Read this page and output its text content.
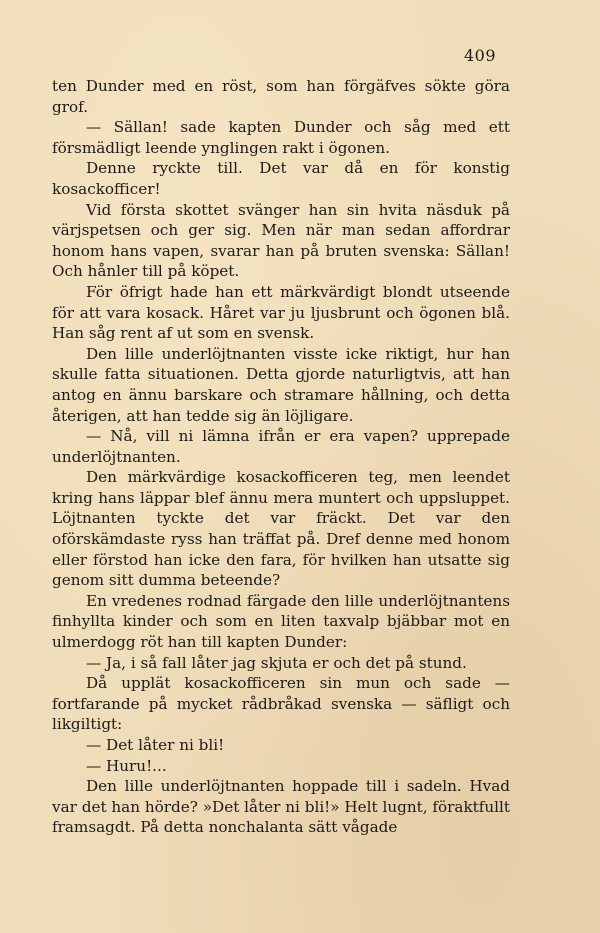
409

ten Dunder med en röst, som han förgäfves sökte göra grof.

— Sällan! sade kapten Dunder och såg med ett försmädligt leende ynglingen rakt i ögonen.

Denne ryckte till. Det var då en för konstig kosackofficer!

Vid första skottet svänger han sin hvita näsduk på värjspetsen och ger sig. Men när man sedan affordrar honom hans vapen, svarar han på bruten svenska: Sällan! Och hånler till på köpet.

För öfrigt hade han ett märkvärdigt blondt utseende för att vara kosack. Håret var ju ljusbrunt och ögonen blå. Han såg rent af ut som en svensk.

Den lille underlöjtnanten visste icke riktigt, hur han skulle fatta situationen. Detta gjorde naturligtvis, att han antog en ännu barskare och stramare hållning, och detta återigen, att han tedde sig än löjligare.

— Nå, vill ni lämna ifrån er era vapen? upprepade underlöjtnanten.

Den märkvärdige kosackofficeren teg, men leendet kring hans läppar blef ännu mera muntert och uppsluppet. Löjtnanten tyckte det var fräckt. Det var den oförskämdaste ryss han träffat på. Dref denne med honom eller förstod han icke den fara, för hvilken han utsatte sig genom sitt dumma beteende?

En vredenes rodnad färgade den lille underlöjtnantens finhyllta kinder och som en liten taxvalp bjäbbar mot en ulmerdogg röt han till kapten Dunder:

— Ja, i så fall låter jag skjuta er och det på stund.

Då upplät kosackofficeren sin mun och sade — fortfarande på mycket rådbråkad svenska — säfligt och likgiltigt:

— Det låter ni bli!

— Huru!...

Den lille underlöjtnanten hoppade till i sadeln. Hvad var det han hörde? »Det låter ni bli!» Helt lugnt, föraktfullt framsagdt. På detta nonchalanta sätt vågade
